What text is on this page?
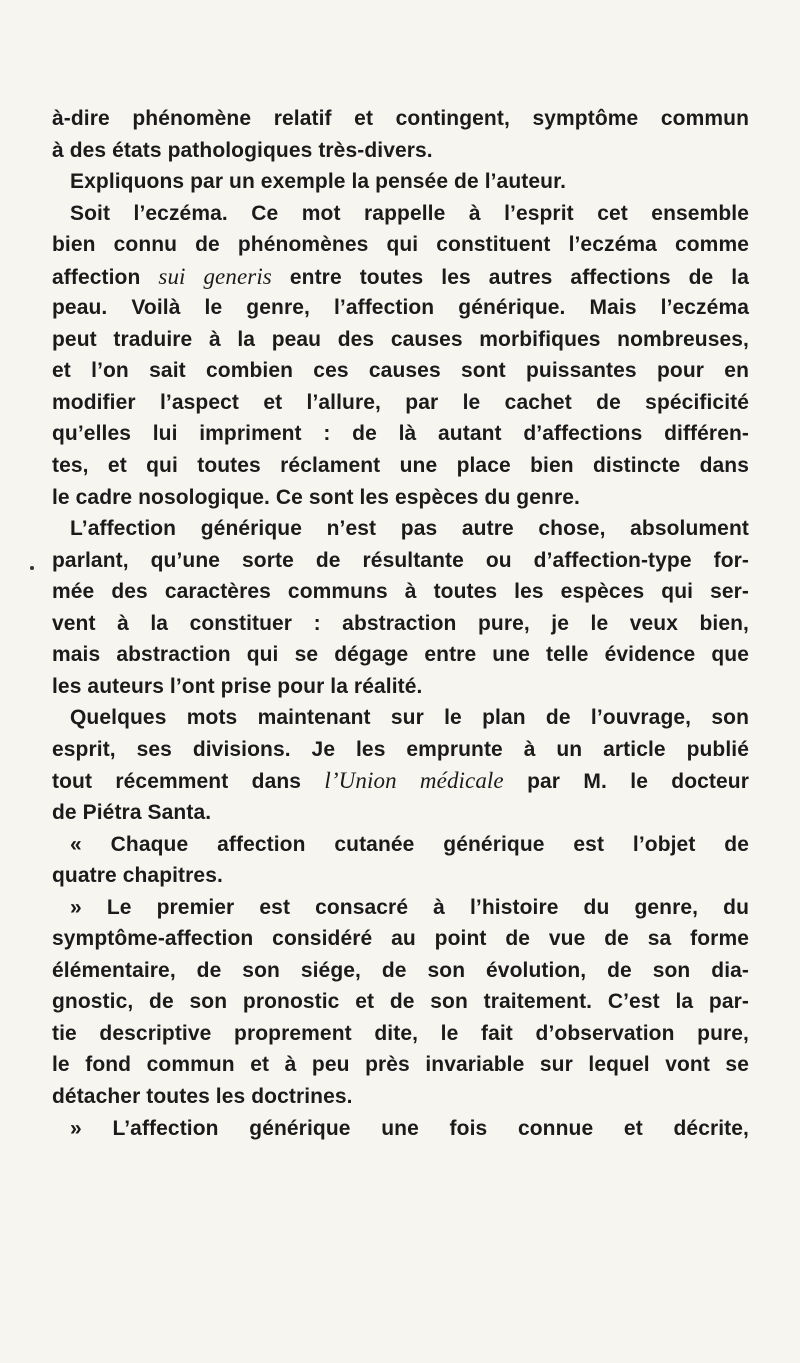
à-dire phénomène relatif et contingent, symptôme commun
à des états pathologiques très-divers.
Expliquons par un exemple la pensée de l’auteur.
Soit l’eczéma. Ce mot rappelle à l’esprit cet ensemble
bien connu de phénomènes qui constituent l’eczéma comme
affection sui generis entre toutes les autres affections de la
peau. Voilà le genre, l’affection générique. Mais l’eczéma
peut traduire à la peau des causes morbifiques nombreuses,
et l’on sait combien ces causes sont puissantes pour en
modifier l’aspect et l’allure, par le cachet de spécificité
qu’elles lui impriment : de là autant d’affections différen-
tes, et qui toutes réclament une place bien distincte dans
le cadre nosologique. Ce sont les espèces du genre.
L’affection générique n’est pas autre chose, absolument
parlant, qu’une sorte de résultante ou d’affection-type for-
mée des caractères communs à toutes les espèces qui ser-
vent à la constituer : abstraction pure, je le veux bien,
mais abstraction qui se dégage entre une telle évidence que
les auteurs l’ont prise pour la réalité.
Quelques mots maintenant sur le plan de l’ouvrage, son
esprit, ses divisions. Je les emprunte à un article publié
tout récemment dans l’Union médicale par M. le docteur
de Piétra Santa.
« Chaque affection cutanée générique est l’objet de
quatre chapitres.
» Le premier est consacré à l’histoire du genre, du
symptôme-affection considéré au point de vue de sa forme
élémentaire, de son siége, de son évolution, de son dia-
gnostic, de son pronostic et de son traitement. C’est la par-
tie descriptive proprement dite, le fait d’observation pure,
le fond commun et à peu près invariable sur lequel vont se
détacher toutes les doctrines.
» L’affection générique une fois connue et décrite,
